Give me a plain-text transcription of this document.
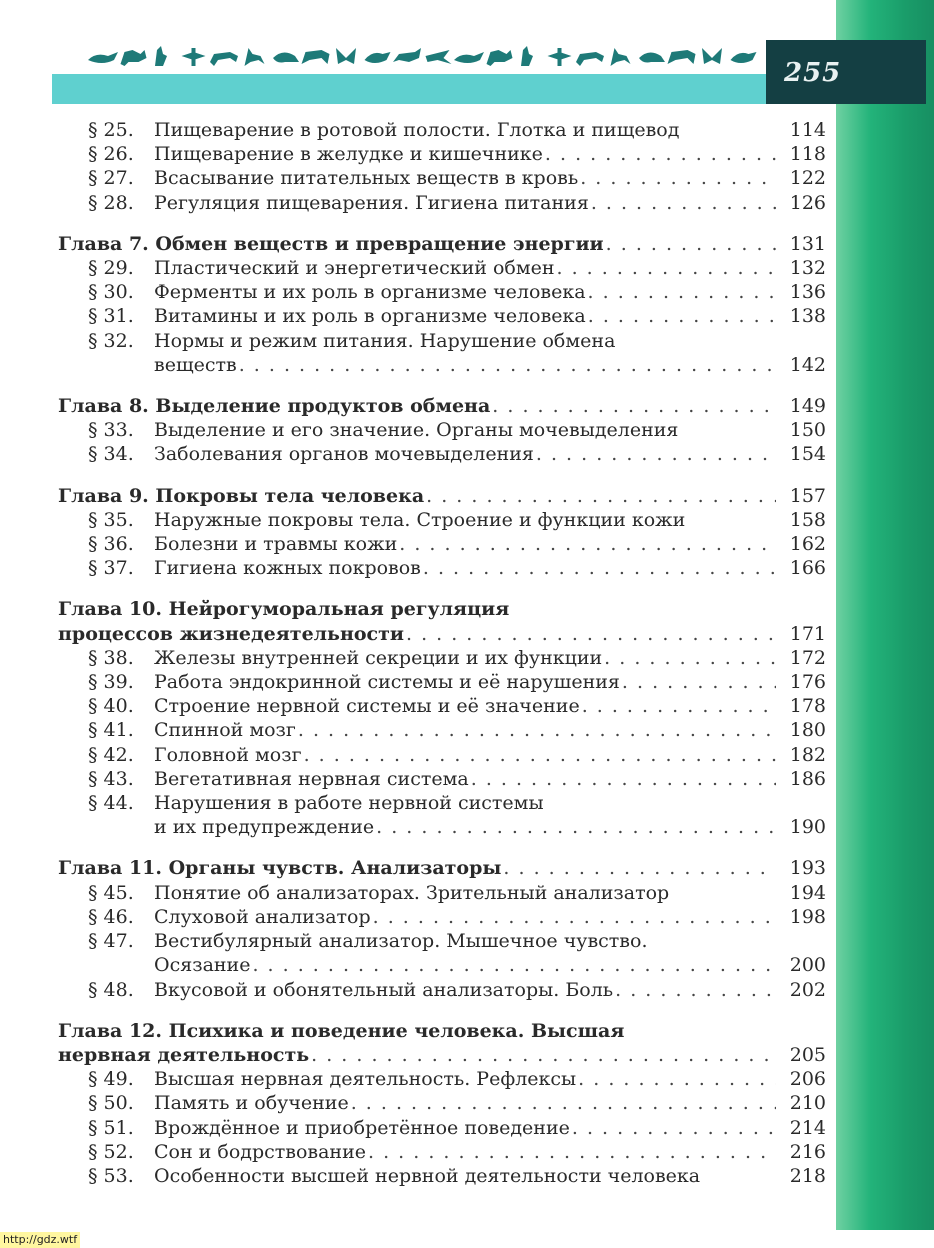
255
§ 25. Пищеварение в ротовой полости. Глотка и пищевод	114
§ 26. Пищеварение в желудке и кишечнике . . .	118
§ 27. Всасывание питательных веществ в кровь . . .	122
§ 28. Регуляция пищеварения. Гигиена питания . . .	126
Глава 7. Обмен веществ и превращение энергии . . .	131
§ 29. Пластический и энергетический обмен . . .	132
§ 30. Ферменты и их роль в организме человека . . .	136
§ 31. Витамины и их роль в организме человека . . .	138
§ 32. Нормы и режим питания. Нарушение обмена
веществ . . .	142
Глава 8. Выделение продуктов обмена . . .	149
§ 33. Выделение и его значение. Органы мочевыделения	150
§ 34. Заболевания органов мочевыделения . . .	154
Глава 9. Покровы тела человека . . .	157
§ 35. Наружные покровы тела. Строение и функции кожи	158
§ 36. Болезни и травмы кожи . . .	162
§ 37. Гигиена кожных покровов . . .	166
Глава 10. Нейрогуморальная регуляция
процессов жизнедеятельности . . .	171
§ 38. Железы внутренней секреции и их функции . . .	172
§ 39. Работа эндокринной системы и её нарушения . . .	176
§ 40. Строение нервной системы и её значение . . .	178
§ 41. Спинной мозг . . .	180
§ 42. Головной мозг . . .	182
§ 43. Вегетативная нервная система . . .	186
§ 44. Нарушения в работе нервной системы
и их предупреждение . . .	190
Глава 11. Органы чувств. Анализаторы . . .	193
§ 45. Понятие об анализаторах. Зрительный анализатор	194
§ 46. Слуховой анализатор . . .	198
§ 47. Вестибулярный анализатор. Мышечное чувство.
Осязание . . .	200
§ 48. Вкусовой и обонятельный анализаторы. Боль . . .	202
Глава 12. Психика и поведение человека. Высшая
нервная деятельность . . .	205
§ 49. Высшая нервная деятельность. Рефлексы . . .	206
§ 50. Память и обучение . . .	210
§ 51. Врождённое и приобретённое поведение . . .	214
§ 52. Сон и бодрствование . . .	216
§ 53. Особенности высшей нервной деятельности человека	218
http://gdz.wtf
